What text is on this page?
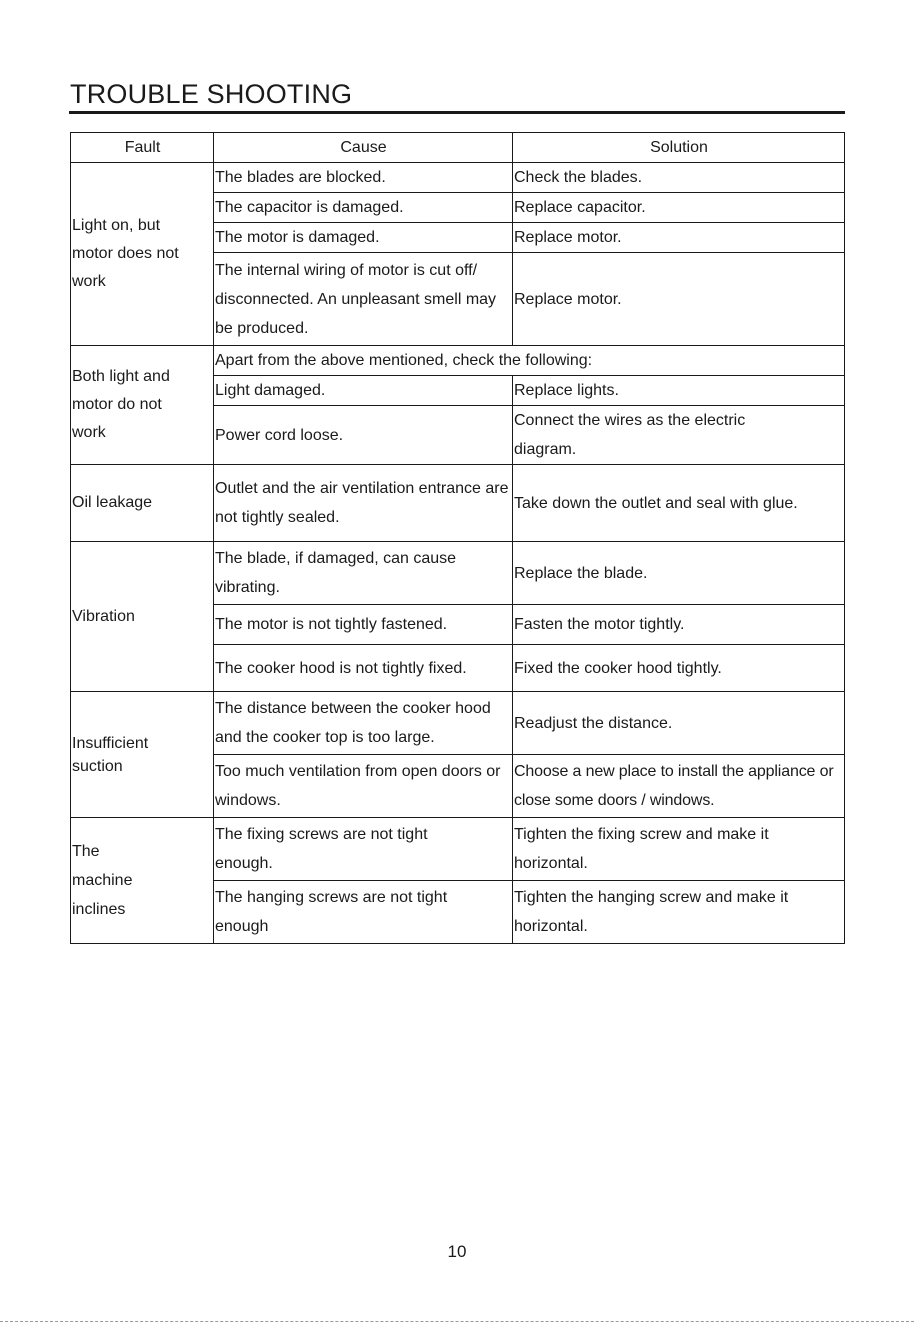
TROUBLE SHOOTING
Fault	Cause	Solution
Light on, but motor does not work	The blades are blocked.	Check the blades.
	The capacitor is damaged.	Replace capacitor.
	The motor is damaged.	Replace motor.
	The internal wiring of motor is cut off/ disconnected. An unpleasant smell may be produced.	Replace motor.
Both light and motor do not work	Apart from the above mentioned, check the following:	
	Light damaged.	Replace lights.
	Power cord loose.	Connect the wires as the electric diagram.
Oil leakage	Outlet and the air ventilation entrance are not tightly sealed.	Take down the outlet and seal with glue.
Vibration	The blade, if damaged, can cause vibrating.	Replace the blade.
	The motor is not tightly fastened.	Fasten the motor tightly.
	The cooker hood is not tightly fixed.	Fixed the cooker hood tightly.
Insufficient suction	The distance between the cooker hood and the cooker top is too large.	Readjust the distance.
	Too much ventilation from open doors or windows.	Choose a new place to install the appliance or close some doors / windows.
The machine inclines	The fixing screws are not tight enough.	Tighten the fixing screw and make it horizontal.
	The hanging screws are not tight enough	Tighten the hanging screw and make it horizontal.
10
